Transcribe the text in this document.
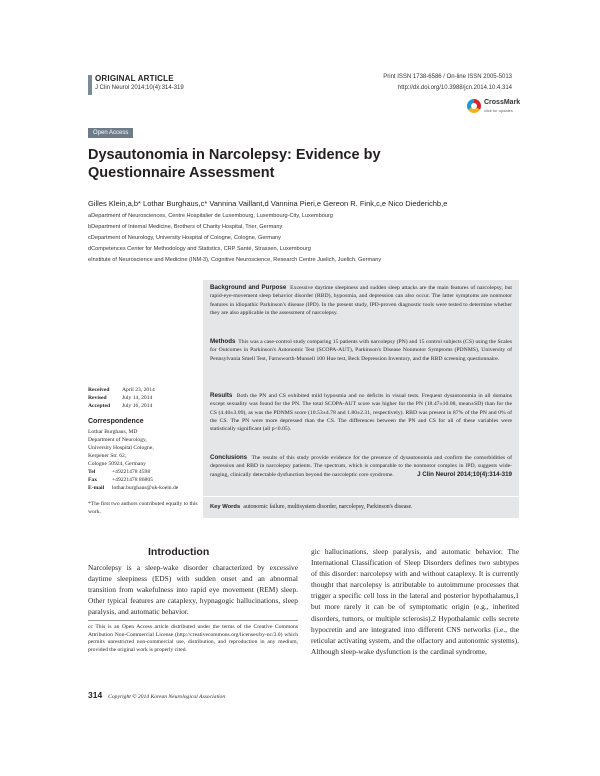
ORIGINAL ARTICLE
J Clin Neurol 2014;10(4):314-319
Print ISSN 1738-6586 / On-line ISSN 2005-5013
http://dx.doi.org/10.3988/jcn.2014.10.4.314
CrossMark
click for updates
Open Access
Dysautonomia in Narcolepsy: Evidence by
Questionnaire Assessment
Gilles Klein,a,b* Lothar Burghaus,c* Vannina Vaillant,d Vannina Pieri,e Gereon R. Fink,c,e Nico Diederichb,e
aDepartment of Neurosciences, Centre Hospitalier de Luxembourg, Luxembourg-City, Luxembourg
bDepartment of Internal Medicine, Brothers of Charity Hospital, Trier, Germany
cDepartment of Neurology, University Hospital of Cologne, Cologne, Germany
dCompetences Center for Methodology and Statistics, CRP Santé, Strassen, Luxembourg
eInstitute of Neuroscience and Medicine (INM-3), Cognitive Neuroscience, Research Centre Juelich, Juelich, Germany
Background and Purpose Excessive daytime sleepiness and sudden sleep attacks are the main features of narcolepsy, but rapid-eye-movement sleep behavior disorder (RBD), hyposmia, and depression can also occur. The latter symptoms are nonmotor features in idiopathic Parkinson's disease (IPD). In the present study, IPD-proven diagnostic tools were tested to determine whether they are also applicable in the assessment of narcolepsy.
Methods This was a case-control study comparing 15 patients with narcolepsy (PN) and 15 control subjects (CS) using the Scales for Outcomes in Parkinson's Autonomic Test (SCOPA-AUT), Parkinson's Disease Nonmotor Symptoms (PDNMS), University of Pennsylvania Smell Test, Farnsworth-Munsell 100 Hue test, Beck Depression Inventory, and the RBD screening questionnaire.
Results Both the PN and CS exhibited mild hyposmia and no deficits in visual tests. Frequent dysautonomia in all domains except sexuality was found for the PN. The total SCOPA-AUT score was higher for the PN (18.47±10.08, mean±SD) than for the CS (4.40±3.09), as was the PDNMS score (10.53±4.78 and 1.80±2.31, respectively). RBD was present in 87% of the PN and 0% of the CS. The PN were more depressed than the CS. The differences between the PN and CS for all of these variables were statistically significant (all p<0.05).
Conclusions The results of this study provide evidence for the presence of dysautonomia and confirm the comorbidities of depression and RBD in narcolepsy patients. The spectrum, which is comparable to the nonmotor complex in IPD, suggests wide-ranging, clinically detectable dysfunction beyond the narcoleptic core syndrome.	J Clin Neurol 2014;10(4):314-319
Key Words autonomic failure, multisystem disorder, narcolepsy, Parkinson's disease.
Received	April 23, 2014
Revised	July 14, 2014
Accepted	July 16, 2014
Correspondence
Lothar Burghaus, MD
Department of Neurology,
University Hospital Cologne,
Kerpener Str. 62,
Cologne 50924, Germany
Tel	+49221478 4598
Fax	+49221478 86805
E-mail lothar.burghaus@uk-koeln.de
*The first two authors contributed equally to this work.
Introduction
Narcolepsy is a sleep-wake disorder characterized by excessive daytime sleepiness (EDS) with sudden onset and an abnormal transition from wakefulness into rapid eye movement (REM) sleep. Other typical features are cataplexy, hypnagogic hallucinations, sleep paralysis, and automatic behavior.
gic hallucinations, sleep paralysis, and automatic behavior. The International Classification of Sleep Disorders defines two subtypes of this disorder: narcolepsy with and without cataplexy. It is currently thought that narcolepsy is attributable to autoimmune processes that trigger a specific cell loss in the lateral and posterior hypothalamus,1 but more rarely it can be of symptomatic origin (e.g., inherited disorders, tumors, or multiple sclerosis).2 Hypothalamic cells secrete hypocretin and are integrated into different CNS networks (i.e., the reticular activating system, and the olfactory and autonomic systems). Although sleep-wake dysfunction is the cardinal syndrome,
cc This is an Open Access article distributed under the terms of the Creative Commons Attribution Non-Commercial License (http://creativecommons.org/licenses/by-nc/3.0) which permits unrestricted non-commercial use, distribution, and reproduction in any medium, provided the original work is properly cited.
314 Copyright © 2014 Korean Neurological Association
